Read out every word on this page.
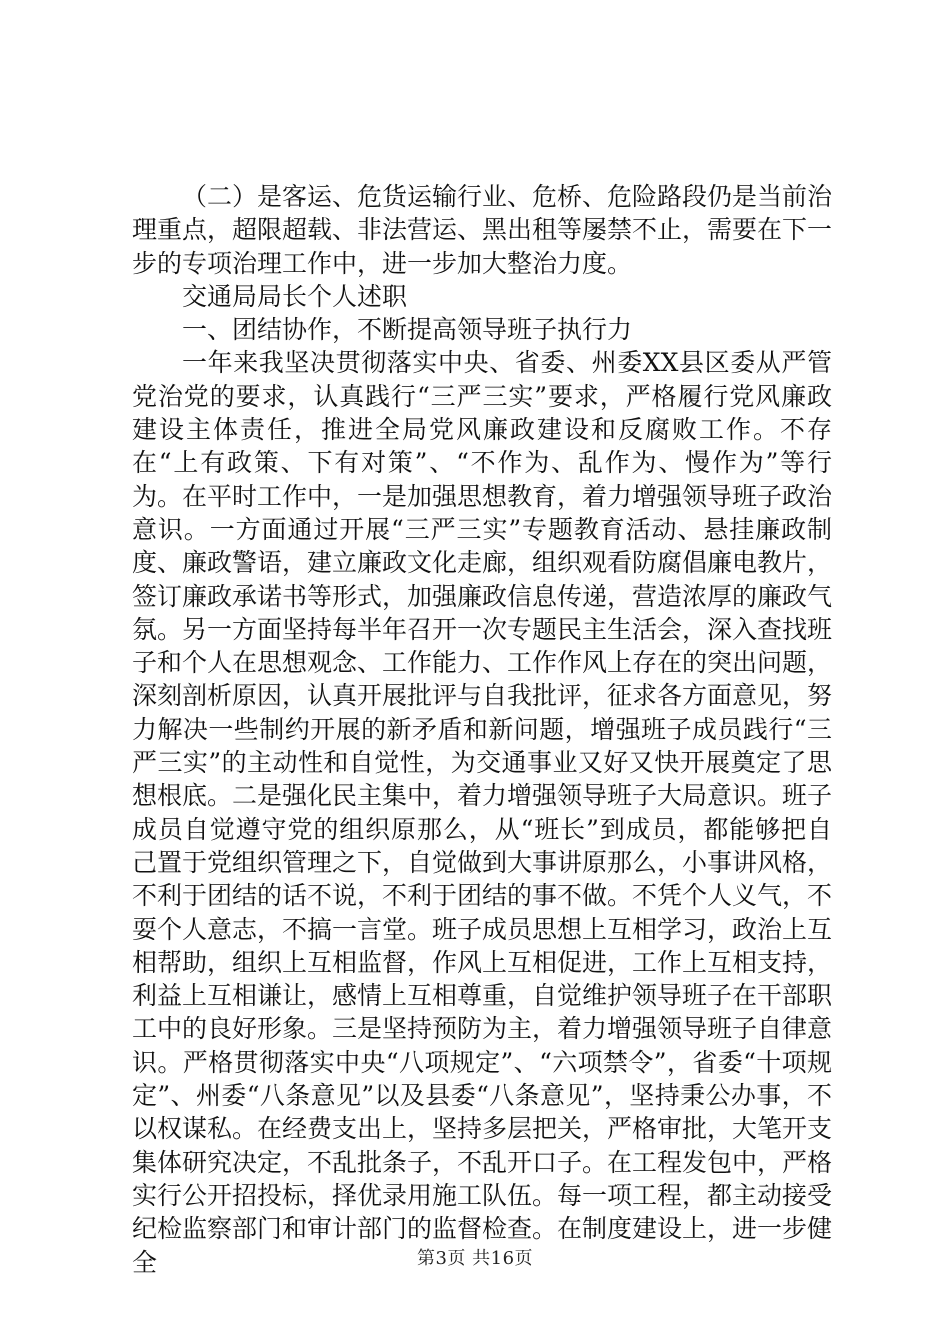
（二）是客运、危货运输行业、危桥、危险路段仍是当前治理重点，超限超载、非法营运、黑出租等屡禁不止，需要在下一步的专项治理工作中，进一步加大整治力度。

交通局局长个人述职

一、团结协作，不断提高领导班子执行力

一年来我坚决贯彻落实中央、省委、州委XX县区委从严管党治党的要求，认真践行“三严三实”要求，严格履行党风廉政建设主体责任，推进全局党风廉政建设和反腐败工作。不存在“上有政策、下有对策”、“不作为、乱作为、慢作为”等行为。在平时工作中，一是加强思想教育，着力增强领导班子政治意识。一方面通过开展“三严三实”专题教育活动、悬挂廉政制度、廉政警语，建立廉政文化走廊，组织观看防腐倡廉电教片，签订廉政承诺书等形式，加强廉政信息传递，营造浓厚的廉政气氛。另一方面坚持每半年召开一次专题民主生活会，深入查找班子和个人在思想观念、工作能力、工作作风上存在的突出问题，深刻剖析原因，认真开展批评与自我批评，征求各方面意见，努力解决一些制约开展的新矛盾和新问题，增强班子成员践行“三严三实”的主动性和自觉性，为交通事业又好又快开展奠定了思想根底。二是强化民主集中，着力增强领导班子大局意识。班子成员自觉遵守党的组织原那么，从“班长”到成员，都能够把自己置于党组织管理之下，自觉做到大事讲原那么，小事讲风格，不利于团结的话不说，不利于团结的事不做。不凭个人义气，不耍个人意志，不搞一言堂。班子成员思想上互相学习，政治上互相帮助，组织上互相监督，作风上互相促进，工作上互相支持，利益上互相谦让，感情上互相尊重，自觉维护领导班子在干部职工中的良好形象。三是坚持预防为主，着力增强领导班子自律意识。严格贯彻落实中央“八项规定”、“六项禁令”，省委“十项规定”、州委“八条意见”以及县委“八条意见”，坚持秉公办事，不以权谋私。在经费支出上，坚持多层把关，严格审批，大笔开支集体研究决定，不乱批条子，不乱开口子。在工程发包中，严格实行公开招投标，择优录用施工队伍。每一项工程，都主动接受纪检监察部门和审计部门的监督检查。在制度建设上，进一步健全	第3页 共16页
